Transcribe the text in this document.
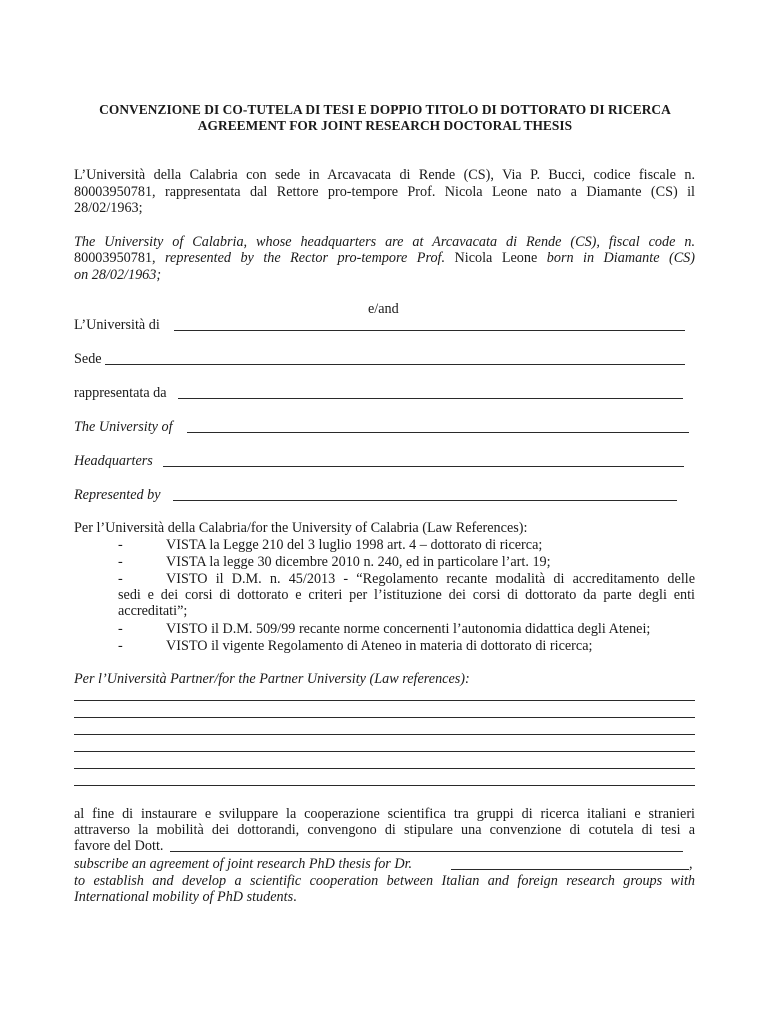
CONVENZIONE DI CO-TUTELA DI TESI E DOPPIO TITOLO DI DOTTORATO DI RICERCA

AGREEMENT FOR JOINT RESEARCH DOCTORAL THESIS

L’Università della Calabria con sede in Arcavacata di Rende (CS), Via P. Bucci, codice fiscale n.

80003950781, rappresentata dal Rettore pro-tempore Prof. Nicola Leone nato a Diamante (CS) il

28/02/1963;

The University of Calabria, whose headquarters are at Arcavacata di Rende (CS), fiscal code n.

80003950781, represented by the Rector pro-tempore Prof. Nicola Leone born in Diamante (CS)

on 28/02/1963;

e/and

L’Università di

Sede

rappresentata da

The University of

Headquarters

Represented by

Per l’Università della Calabria/for the University of Calabria (Law References):

-	VISTA la Legge 210 del 3 luglio 1998 art. 4 – dottorato di ricerca;

-	VISTA la legge 30 dicembre 2010 n. 240, ed in particolare l’art. 19;

-	VISTO il D.M. n. 45/2013 - “Regolamento recante modalità di accreditamento delle

sedi e dei corsi di dottorato e criteri per l’istituzione dei corsi di dottorato da parte degli enti

accreditati”;

-	VISTO il D.M. 509/99 recante norme concernenti l’autonomia didattica degli Atenei;

-	VISTO il vigente Regolamento di Ateneo in materia di dottorato di ricerca;

Per l’Università Partner/for the Partner University (Law references):

al fine di instaurare e sviluppare la cooperazione scientifica tra gruppi di ricerca italiani e stranieri

attraverso la mobilità dei dottorandi, convengono di stipulare una convenzione di cotutela di tesi a

favore del Dott.

subscribe an agreement of joint research PhD thesis for Dr.	,

to establish and develop a scientific cooperation between Italian and foreign research groups with

International mobility of PhD students.
